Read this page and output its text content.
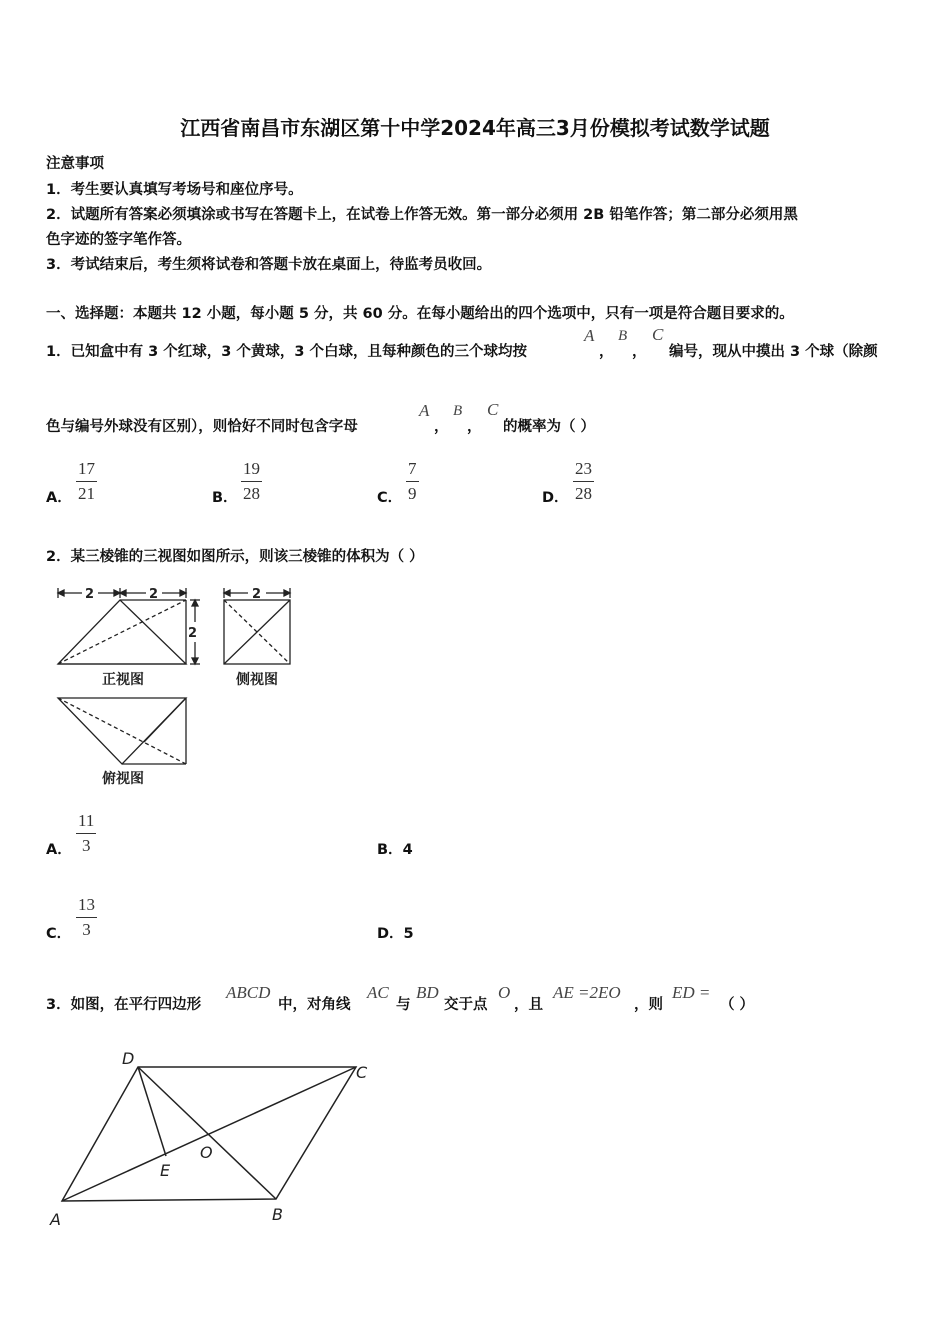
江西省南昌市东湖区第十中学2024年高三3月份模拟考试数学试题
注意事项
1．考生要认真填写考场号和座位序号。
2．试题所有答案必须填涂或书写在答题卡上，在试卷上作答无效。第一部分必须用 2B 铅笔作答；第二部分必须用黑
色字迹的签字笔作答。
3．考试结束后，考生须将试卷和答题卡放在桌面上，待监考员收回。
一、选择题：本题共 12 小题，每小题 5 分，共 60 分。在每小题给出的四个选项中，只有一项是符合题目要求的。
1．已知盒中有 3 个红球，3 个黄球，3 个白球，且每种颜色的三个球均按
A
，
B
，
C
编号，现从中摸出 3 个球（除颜
色与编号外球没有区别），则恰好不同时包含字母
A
，
B
，
C
的概率为（ ）
A． $\frac{17}{21}$	B． $\frac{19}{28}$	C． $\frac{7}{9}$	D． $\frac{23}{28}$
2．某三棱锥的三视图如图所示，则该三棱锥的体积为（ ）
2	2
2
2
正视图	侧视图
俯视图
A． $\frac{11}{3}$	B．4
C． $\frac{13}{3}$	D．5
3．如图，在平行四边形
ABCD
中，对角线
AC
与
BD
交于点
O
，且
AE =2EO
，则
ED =
（ ）
A	B
C
D
E
O
